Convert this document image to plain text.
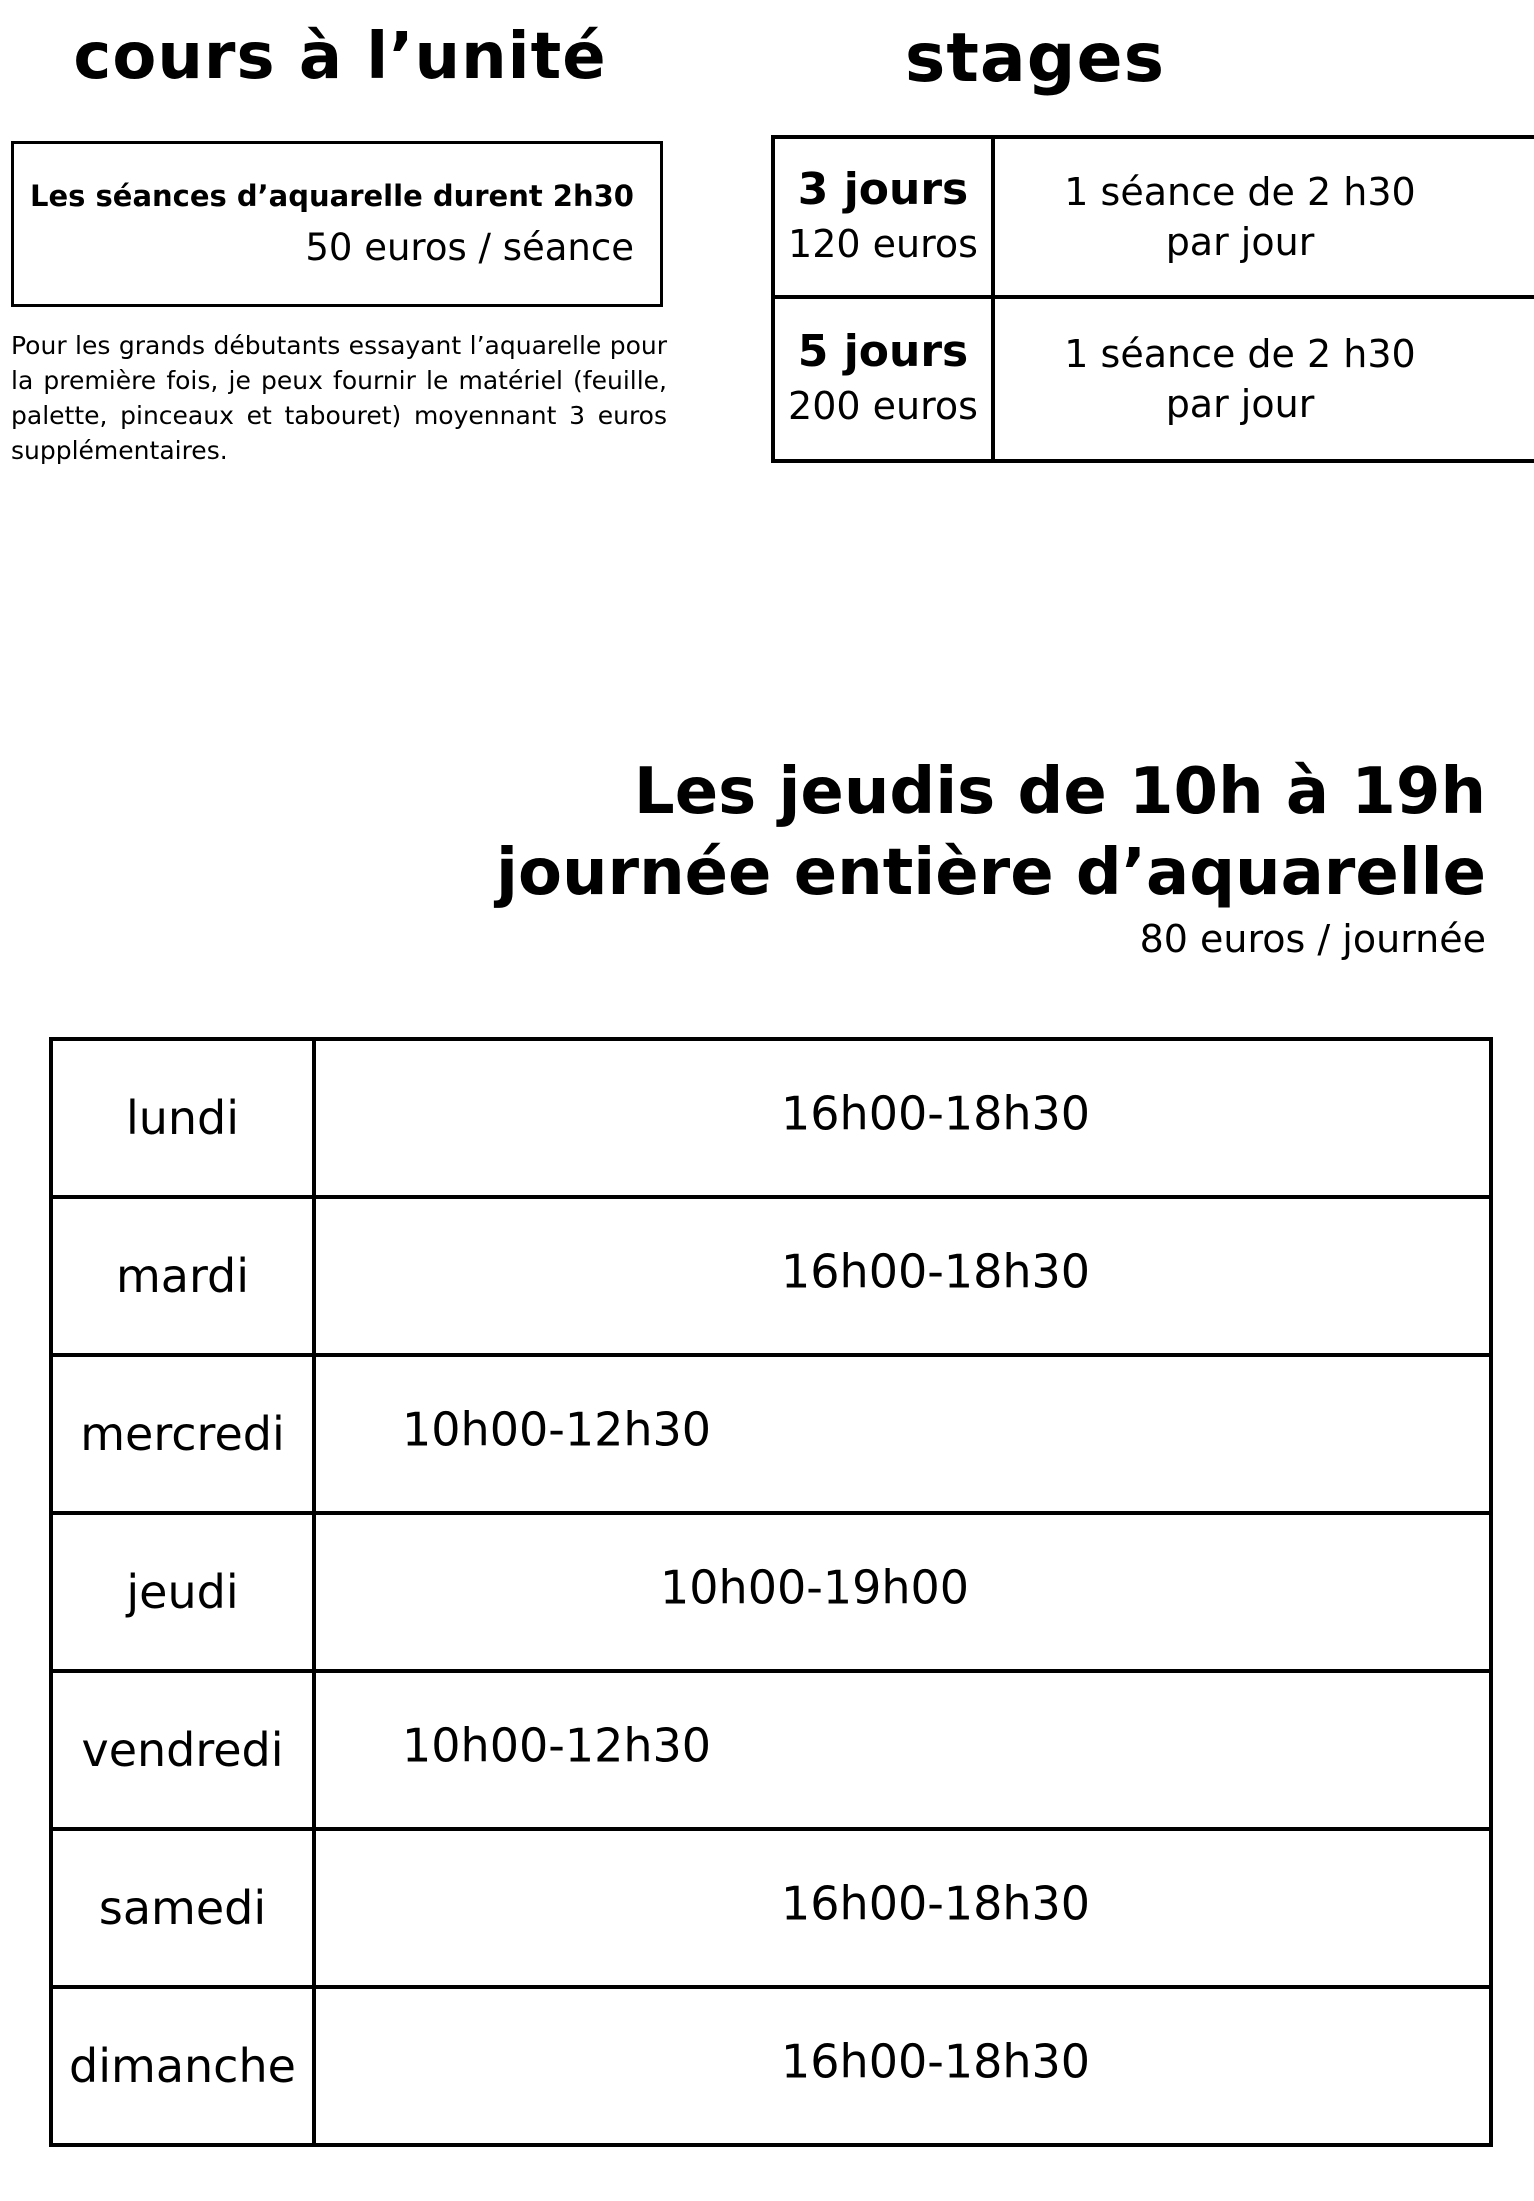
cours à l’unité
Les séances d’aquarelle durent 2h30
50 euros / séance
Pour les grands débutants essayant l’aquarelle pour la première fois, je peux fournir le matériel (feuille, palette, pinceaux et tabouret) moyennant 3 euros supplémentaires.
stages
3 jours
120 euros	1 séance de 2 h30
par jour

5 jours
200 euros	1 séance de 2 h30
par jour
Les jeudis de 10h à 19h
journée entière d’aquarelle
80 euros / journée
lundi	16h00-18h30

mardi	16h00-18h30

mercredi	10h00-12h30

jeudi	10h00-19h00

vendredi	10h00-12h30

samedi	16h00-18h30

dimanche	16h00-18h30
